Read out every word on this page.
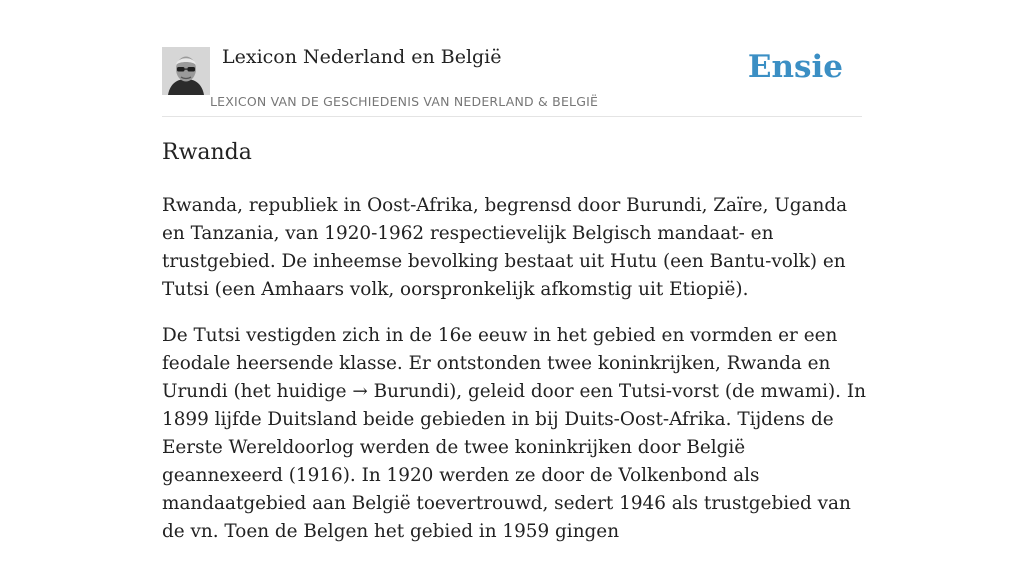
Lexicon Nederland en België
LEXICON VAN DE GESCHIEDENIS VAN NEDERLAND & BELGIË
Ensie
Rwanda

Rwanda, republiek in Oost-Afrika, begrensd door Burundi, Zaïre, Uganda en Tanzania, van 1920-1962 respectievelijk Belgisch mandaat- en trustgebied. De inheemse bevolking bestaat uit Hutu (een Bantu-volk) en Tutsi (een Amhaars volk, oorspronkelijk afkomstig uit Etiopië).

De Tutsi vestigden zich in de 16e eeuw in het gebied en vormden er een feodale heersende klasse. Er ontstonden twee koninkrijken, Rwanda en Urundi (het huidige → Burundi), geleid door een Tutsi-vorst (de mwami). In 1899 lijfde Duitsland beide gebieden in bij Duits-Oost-Afrika. Tijdens de Eerste Wereldoorlog werden de twee koninkrijken door België geannexeerd (1916). In 1920 werden ze door de Volkenbond als mandaatgebied aan België toevertrouwd, sedert 1946 als trustgebied van de vn. Toen de Belgen het gebied in 1959 gingen
